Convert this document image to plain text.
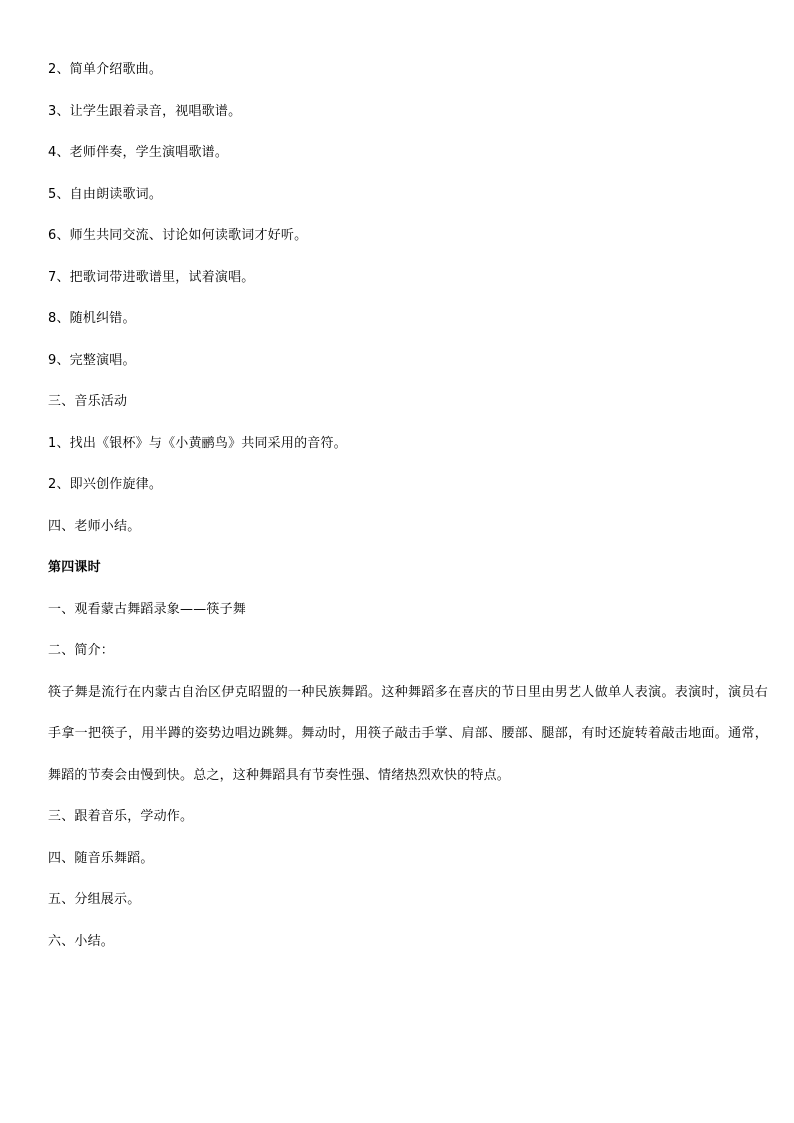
2、简单介绍歌曲。
3、让学生跟着录音，视唱歌谱。
4、老师伴奏，学生演唱歌谱。
5、自由朗读歌词。
6、师生共同交流、讨论如何读歌词才好听。
7、把歌词带进歌谱里，试着演唱。
8、随机纠错。
9、完整演唱。
三、音乐活动
1、找出《银杯》与《小黄鹂鸟》共同采用的音符。
2、即兴创作旋律。
四、老师小结。
第四课时
一、观看蒙古舞蹈录象——筷子舞
二、简介：
筷子舞是流行在内蒙古自治区伊克昭盟的一种民族舞蹈。这种舞蹈多在喜庆的节日里由男艺人做单人表演。表演时，演员右手拿一把筷子，用半蹲的姿势边唱边跳舞。舞动时，用筷子敲击手掌、肩部、腰部、腿部，有时还旋转着敲击地面。通常，舞蹈的节奏会由慢到快。总之，这种舞蹈具有节奏性强、情绪热烈欢快的特点。
三、跟着音乐，学动作。
四、随音乐舞蹈。
五、分组展示。
六、小结。
